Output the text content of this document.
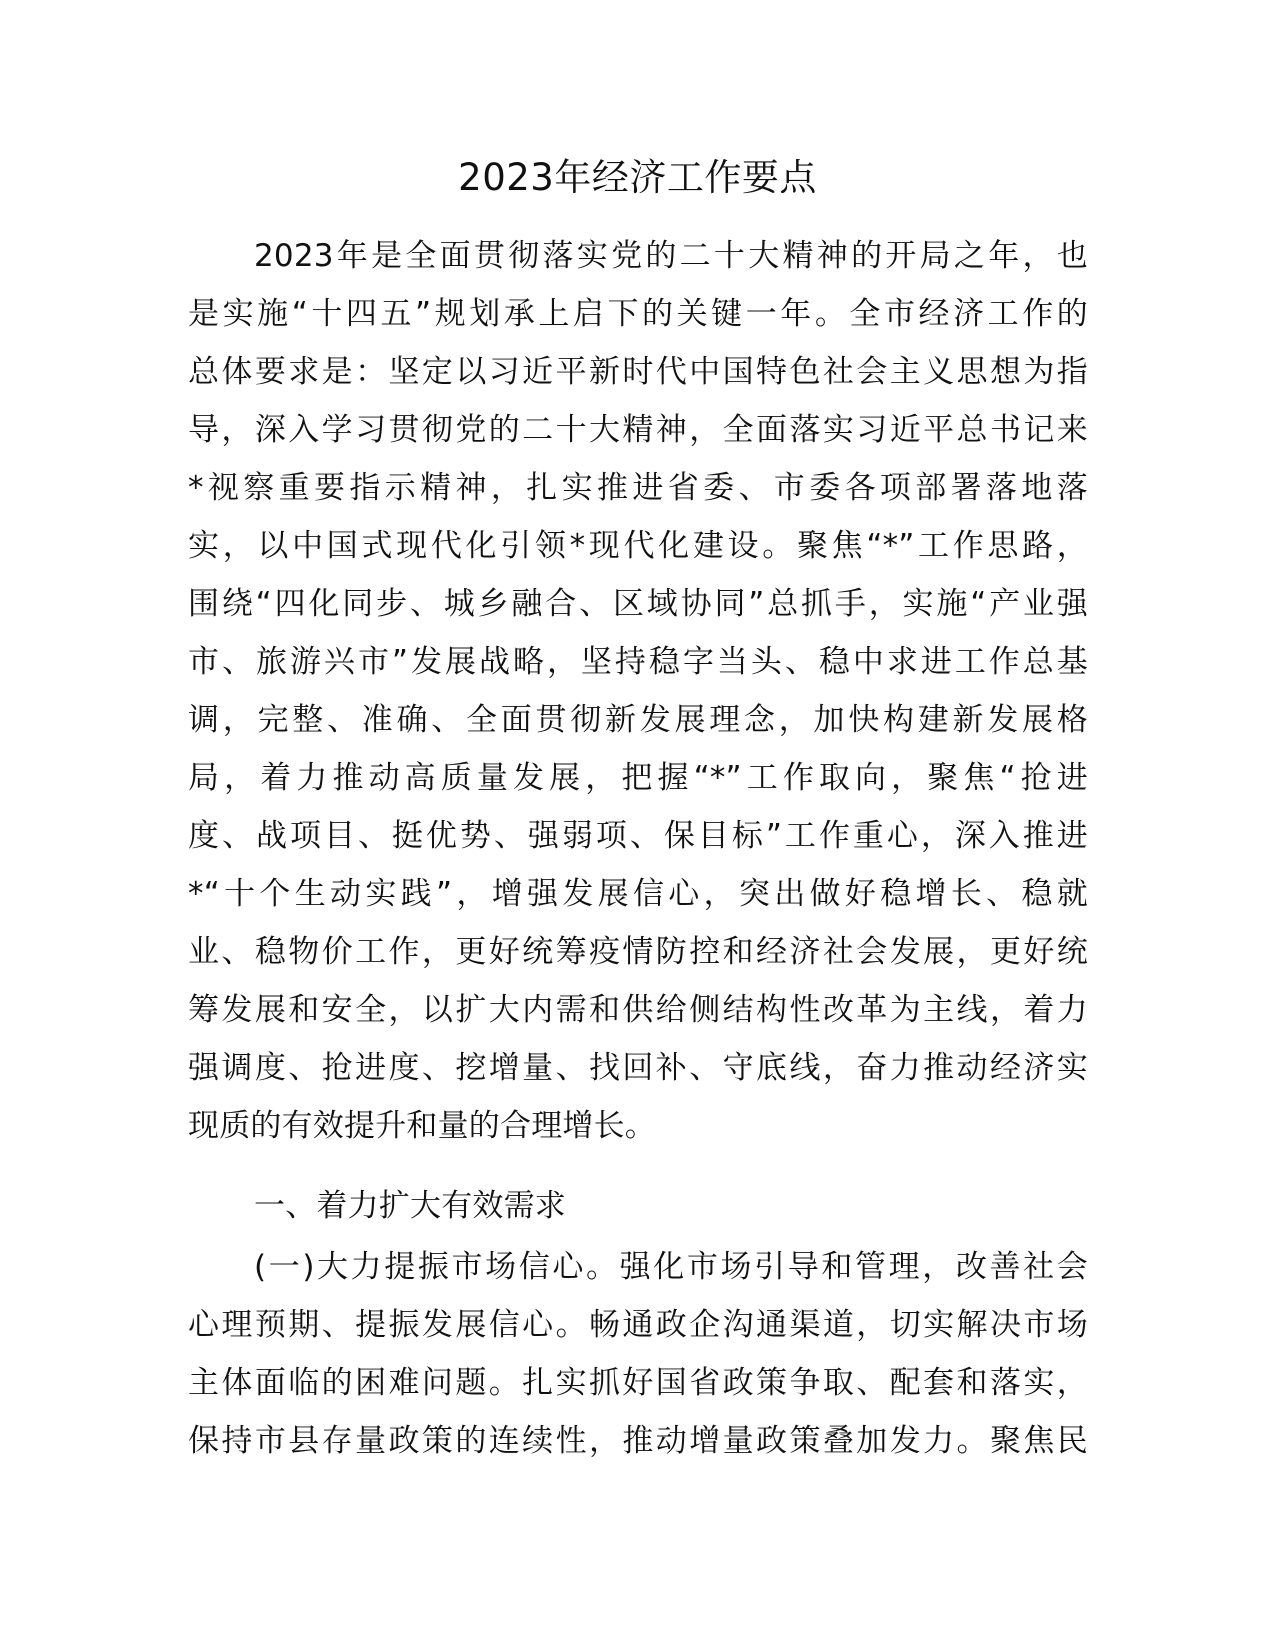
2023年经济工作要点
2023年是全面贯彻落实党的二十大精神的开局之年，也
是实施“十四五”规划承上启下的关键一年。全市经济工作的
总体要求是：坚定以习近平新时代中国特色社会主义思想为指
导，深入学习贯彻党的二十大精神，全面落实习近平总书记来
*视察重要指示精神，扎实推进省委、市委各项部署落地落
实，以中国式现代化引领*现代化建设。聚焦“*”工作思路，
围绕“四化同步、城乡融合、区域协同”总抓手，实施“产业强
市、旅游兴市”发展战略，坚持稳字当头、稳中求进工作总基
调，完整、准确、全面贯彻新发展理念，加快构建新发展格
局，着力推动高质量发展，把握“*”工作取向，聚焦“抢进
度、战项目、挺优势、强弱项、保目标”工作重心，深入推进
*“十个生动实践”，增强发展信心，突出做好稳增长、稳就
业、稳物价工作，更好统筹疫情防控和经济社会发展，更好统
筹发展和安全，以扩大内需和供给侧结构性改革为主线，着力
强调度、抢进度、挖增量、找回补、守底线，奋力推动经济实
现质的有效提升和量的合理增长。
一、着力扩大有效需求
(一)大力提振市场信心。强化市场引导和管理，改善社会
心理预期、提振发展信心。畅通政企沟通渠道，切实解决市场
主体面临的困难问题。扎实抓好国省政策争取、配套和落实，
保持市县存量政策的连续性，推动增量政策叠加发力。聚焦民
